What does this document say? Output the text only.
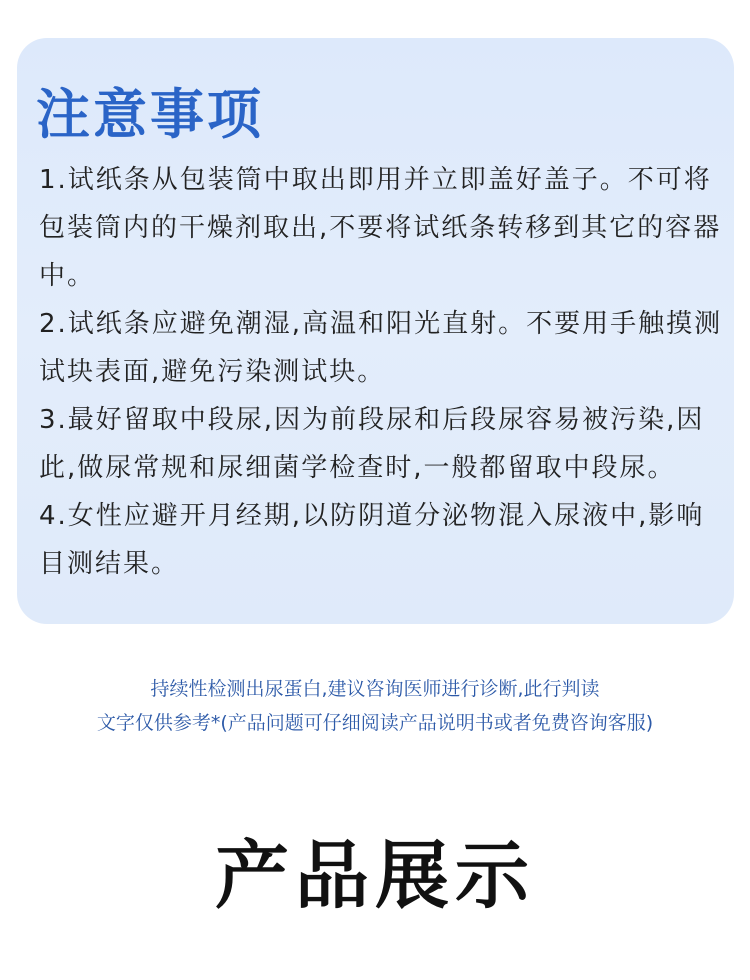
注意事项
1.试纸条从包装筒中取出即用并立即盖好盖子。不可将包装筒内的干燥剂取出,不要将试纸条转移到其它的容器中。
2.试纸条应避免潮湿,高温和阳光直射。不要用手触摸测试块表面,避免污染测试块。
3.最好留取中段尿,因为前段尿和后段尿容易被污染,因此,做尿常规和尿细菌学检查时,一般都留取中段尿。
4.女性应避开月经期,以防阴道分泌物混入尿液中,影响目测结果。
持续性检测出尿蛋白,建议咨询医师进行诊断,此行判读
文字仅供参考*(产品问题可仔细阅读产品说明书或者免费咨询客服)
产品展示
